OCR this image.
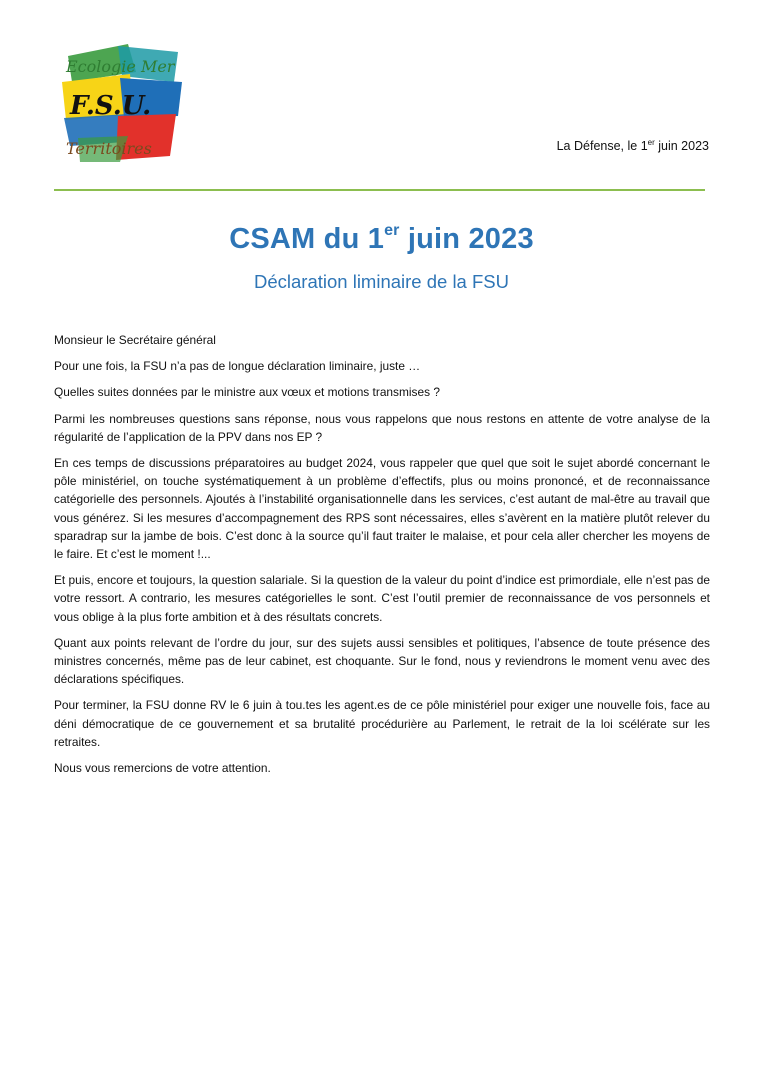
Ecologie Mer
F.S.U.
Territoires	La Défense, le 1er juin 2023
CSAM du 1er juin 2023
Déclaration liminaire de la FSU

Monsieur le Secrétaire général

Pour une fois, la FSU n’a pas de longue déclaration liminaire, juste …

Quelles suites données par le ministre aux vœux et motions transmises ?

Parmi les nombreuses questions sans réponse, nous vous rappelons que nous restons en attente de votre analyse de la régularité de l’application de la PPV dans nos EP ?

En ces temps de discussions préparatoires au budget 2024, vous rappeler que quel que soit le sujet abordé concernant le pôle ministériel, on touche systématiquement à un problème d’effectifs, plus ou moins prononcé, et de reconnaissance catégorielle des personnels. Ajoutés à l’instabilité organisationnelle dans les services, c’est autant de mal-être au travail que vous générez. Si les mesures d’accompagnement des RPS sont nécessaires, elles s’avèrent en la matière plutôt relever du sparadrap sur la jambe de bois. C’est donc à la source qu’il faut traiter le malaise, et pour cela aller chercher les moyens de le faire. Et c’est le moment !...

Et puis, encore et toujours, la question salariale. Si la question de la valeur du point d’indice est primordiale, elle n’est pas de votre ressort. A contrario, les mesures catégorielles le sont. C’est l’outil premier de reconnaissance de vos personnels et vous oblige à la plus forte ambition et à des résultats concrets.

Quant aux points relevant de l’ordre du jour, sur des sujets aussi sensibles et politiques, l’absence de toute présence des ministres concernés, même pas de leur cabinet, est choquante. Sur le fond, nous y reviendrons le moment venu avec des déclarations spécifiques.

Pour terminer, la FSU donne RV le 6 juin à tou.tes les agent.es de ce pôle ministériel pour exiger une nouvelle fois, face au déni démocratique de ce gouvernement et sa brutalité procédurière au Parlement, le retrait de la loi scélérate sur les retraites.

Nous vous remercions de votre attention.
